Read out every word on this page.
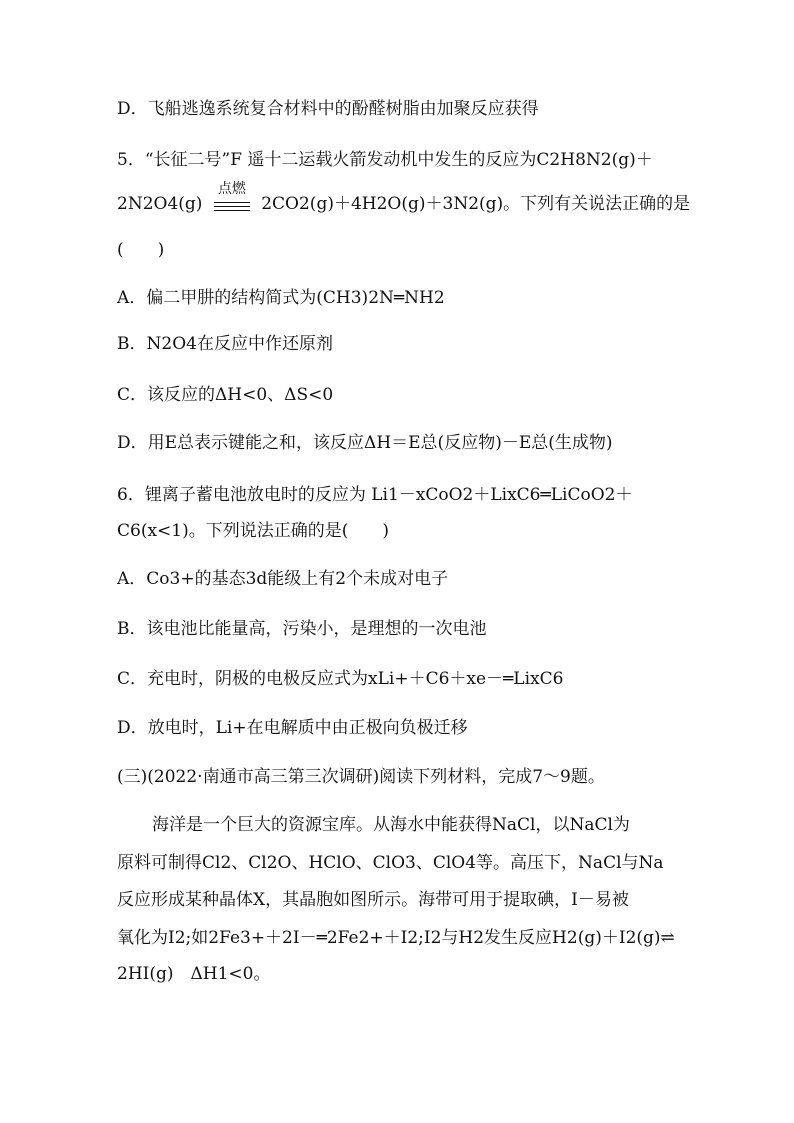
D．飞船逃逸系统复合材料中的酚醛树脂由加聚反应获得
5．“长征二号”F 遥十二运载火箭发动机中发生的反应为C2H8N2(g)＋
2N2O4(g)
点燃
2CO2(g)＋4H2O(g)＋3N2(g)。下列有关说法正确的是
(　　)
A．偏二甲肼的结构简式为(CH3)2N═NH2
B．N2O4在反应中作还原剂
C．该反应的ΔH<0、ΔS<0
D．用E总表示键能之和，该反应ΔH＝E总(反应物)－E总(生成物)
6．锂离子蓄电池放电时的反应为 Li1－xCoO2＋LixC6═LiCoO2＋
C6(x<1)。下列说法正确的是(　　)
A．Co3+的基态3d能级上有2个未成对电子
B．该电池比能量高，污染小，是理想的一次电池
C．充电时，阴极的电极反应式为xLi+＋C6＋xe－═LixC6
D．放电时，Li+在电解质中由正极向负极迁移
(三)(2022·南通市高三第三次调研)阅读下列材料，完成7～9题。
海洋是一个巨大的资源宝库。从海水中能获得NaCl，以NaCl为
原料可制得Cl2、Cl2O、HClO、ClO3、ClO4等。高压下，NaCl与Na
反应形成某种晶体X，其晶胞如图所示。海带可用于提取碘，I－易被
氧化为I2;如2Fe3+＋2I－═2Fe2+＋I2;I2与H2发生反应H2(g)＋I2(g)⇌
2HI(g)　ΔH1<0。
